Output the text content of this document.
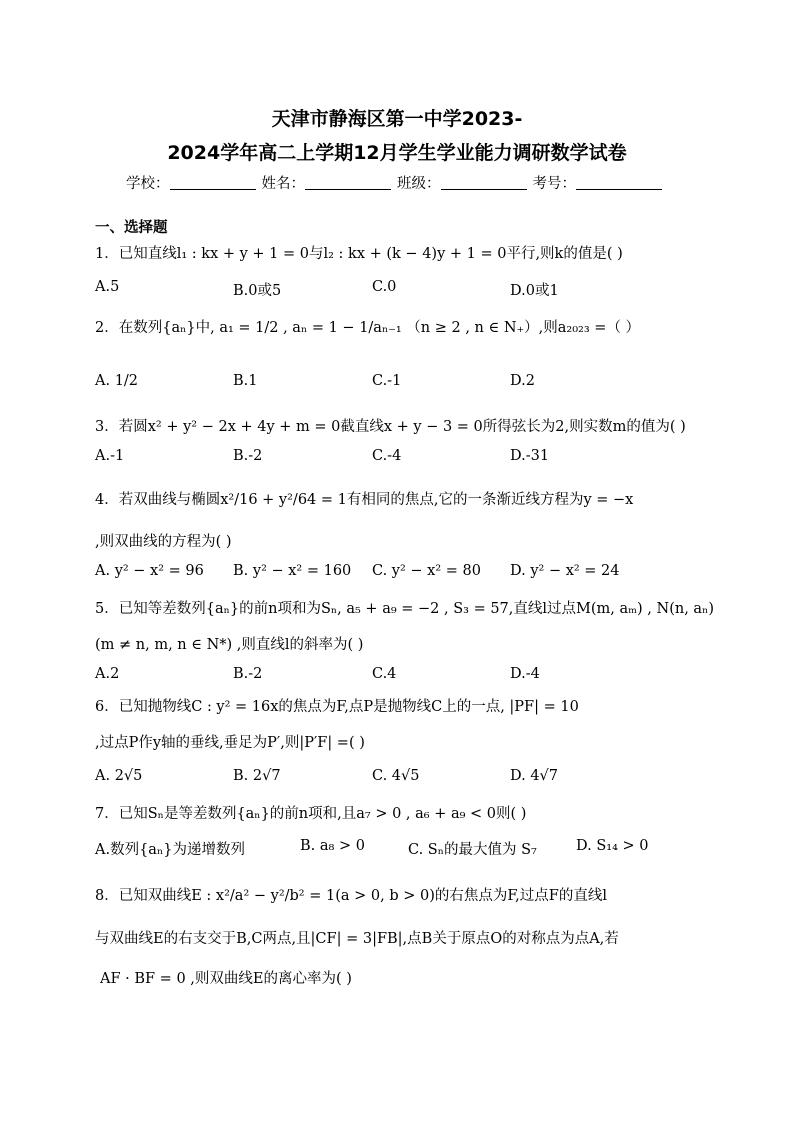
天津市静海区第一中学2023-
2024学年高二上学期12月学生学业能力调研数学试卷
学校：	姓名：	班级：	考号：
一、选择题
1．已知直线l₁ : kx + y + 1 = 0与l₂ : kx + (k − 4)y + 1 = 0平行,则k的值是( )
A.5	B.0或5	C.0	D.0或1
2．在数列{aₙ}中, a₁ = 1/2 , aₙ = 1 − 1/aₙ₋₁ （n ≥ 2 , n ∈ N₊）,则a₂₀₂₃ =（ ）
A. 1/2	B.1	C.-1	D.2
3．若圆x² + y² − 2x + 4y + m = 0截直线x + y − 3 = 0所得弦长为2,则实数m的值为( )
A.-1	B.-2	C.-4	D.-31
4．若双曲线与椭圆x²/16 + y²/64 = 1有相同的焦点,它的一条渐近线方程为y = −x
,则双曲线的方程为( )
A. y² − x² = 96 B. y² − x² = 160 C. y² − x² = 80 D. y² − x² = 24
5．已知等差数列{aₙ}的前n项和为Sₙ, a₅ + a₉ = −2 , S₃ = 57,直线l过点M(m, aₘ) , N(n, aₙ)
(m ≠ n, m, n ∈ N*) ,则直线l的斜率为( )
A.2	B.-2	C.4	D.-4
6．已知抛物线C : y² = 16x的焦点为F,点P是抛物线C上的一点, |PF| = 10
,过点P作y轴的垂线,垂足为P′,则|P′F| =( )
A. 2√5	B. 2√7	C. 4√5	D. 4√7
7．已知Sₙ是等差数列{aₙ}的前n项和,且a₇ > 0 , a₆ + a₉ < 0则( )
A.数列{aₙ}为递增数列	B. a₈ > 0	C. Sₙ的最大值为 S₇	D. S₁₄ > 0
8．已知双曲线E : x²/a² − y²/b² = 1(a > 0, b > 0)的右焦点为F,过点F的直线l
与双曲线E的右支交于B,C两点,且|CF| = 3|FB|,点B关于原点O的对称点为点A,若
AF · BF = 0 ,则双曲线E的离心率为( )
